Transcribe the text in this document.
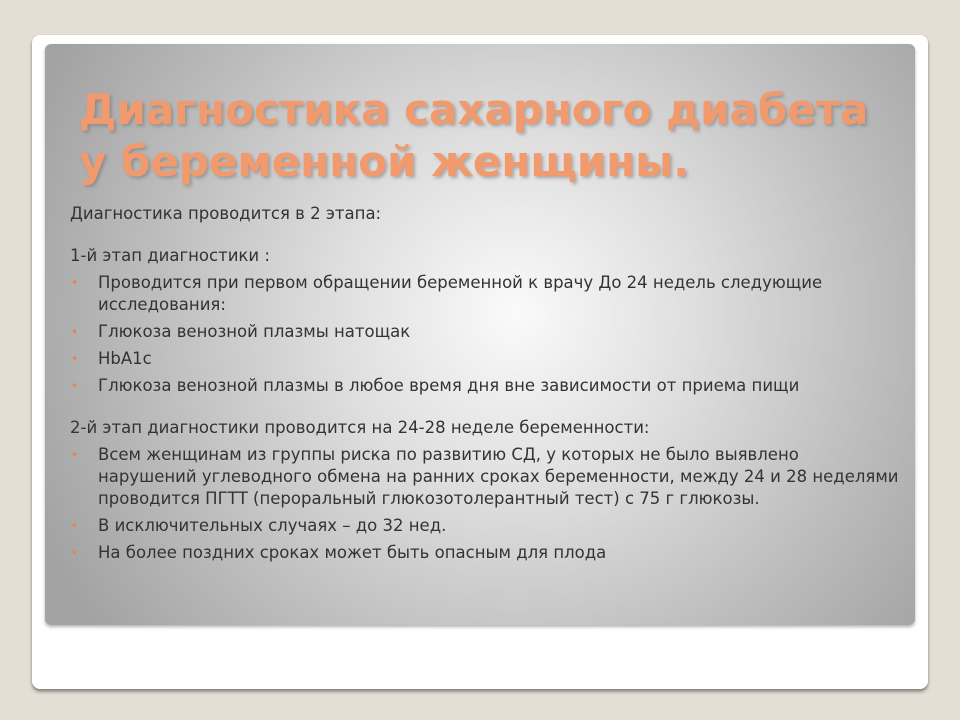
Диагностика сахарного диабета
у беременной женщины.

Диагностика проводится в 2 этапа:

1-й этап диагностики :

• Проводится при первом обращении беременной к врачу До 24 недель следующие исследования:
• Глюкоза венозной плазмы натощак
• HbA1c
• Глюкоза венозной плазмы в любое время дня вне зависимости от приема пищи

2-й этап диагностики проводится на 24-28 неделе беременности:

• Всем женщинам из группы риска по развитию СД, у которых не было выявлено нарушений углеводного обмена на ранних сроках беременности, между 24 и 28 неделями проводится ПГТТ (пероральный глюкозотолерантный тест) с 75 г глюкозы.
• В исключительных случаях – до 32 нед.
• На более поздних сроках может быть опасным для плода
